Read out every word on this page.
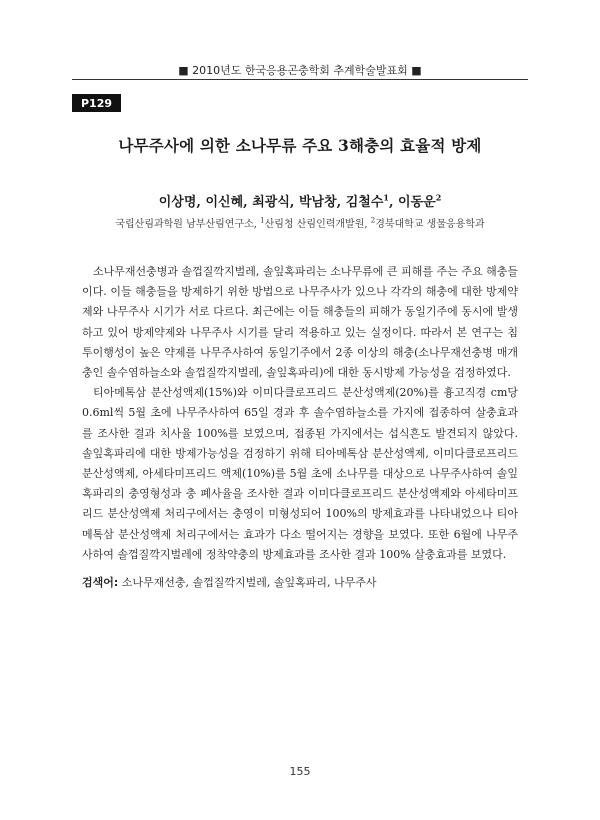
■ 2010년도 한국응용곤충학회 추계학술발표회 ■
P129
나무주사에 의한 소나무류 주요 3해충의 효율적 방제
이상명, 이신혜, 최광식, 박남창, 김철수$^1$, 이동운$^2$
국립산림과학원 남부산림연구소, $^1$산림청 산림인력개발원, $^2$경북대학교 생물응용학과

소나무재선충병과 솔껍질깍지벌레, 솔잎혹파리는 소나무류에 큰 피해를 주는 주요 해충들이다. 이들 해충들을 방제하기 위한 방법으로 나무주사가 있으나 각각의 해충에 대한 방제약제와 나무주사 시기가 서로 다르다. 최근에는 이들 해충들의 피해가 동일기주에 동시에 발생하고 있어 방제약제와 나무주사 시기를 달리 적용하고 있는 실정이다. 따라서 본 연구는 침투이행성이 높은 약제를 나무주사하여 동일기주에서 2종 이상의 해충(소나무재선충병 매개충인 솔수염하늘소와 솔껍질깍지벌레, 솔잎혹파리)에 대한 동시방제 가능성을 검정하였다.

티아메톡삼 분산성액제(15%)와 이미다클로프리드 분산성액제(20%)를 흉고직경 cm당 0.6ml씩 5월 초에 나무주사하여 65일 경과 후 솔수염하늘소를 가지에 접종하여 살충효과를 조사한 결과 치사율 100%를 보였으며, 접종된 가지에서는 섭식흔도 발견되지 않았다. 솔잎혹파리에 대한 방제가능성을 검정하기 위해 티아메톡삼 분산성액제, 이미다클로프리드 분산성액제, 아세타미프리드 액제(10%)를 5월 초에 소나무를 대상으로 나무주사하여 솔잎혹파리의 충영형성과 충 폐사율을 조사한 결과 이미다클로프리드 분산성액제와 아세타미프리드 분산성액제 처리구에서는 충영이 미형성되어 100%의 방제효과를 나타내었으나 티아메톡삼 분산성액제 처리구에서는 효과가 다소 떨어지는 경향을 보였다. 또한 6월에 나무주사하여 솔껍질깍지벌레에 정착약충의 방제효과를 조사한 결과 100% 살충효과를 보였다.

검색어: 소나무재선충, 솔껍질깍지벌레, 솔잎혹파리, 나무주사
155
